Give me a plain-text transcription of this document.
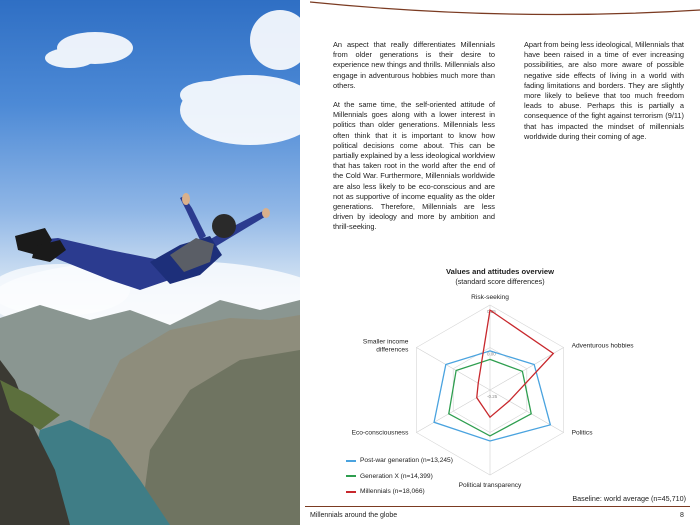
An aspect that really differentiates Millennials from older generations is their desire to experience new things and thrills. Millennials also engage in adventurous hobbies much more than others.

At the same time, the self-oriented attitude of Millennials goes along with a lower interest in politics than older generations. Millennials less often think that it is important to know how political decisions come about. This can be partially explained by a less ideological worldview that has taken root in the world after the end of the Cold War. Furthermore, Millennials worldwide are also less likely to be eco-conscious and are not as supportive of income equality as the older generations. Therefore, Millennials are less driven by ideology and more by ambition and thrill-seeking.

Apart from being less ideological, Millennials that have been raised in a time of ever increasing possibilities, are also more aware of possible negative side effects of living in a world with fading limitations and borders. They are slightly more likely to believe that too much freedom leads to abuse. Perhaps this is partially a consequence of the fight against terrorism (9/11) that has impacted the mindset of millennials worldwide during their coming of age.

Values and attitudes overview
(standard score differences)
0.25
0.00
-0.25
Risk-seeking
Adventurous hobbies
Politics
Political transparency
Eco-consciousness
Smaller income differences
Post-war generation (n=13,245)
Generation X (n=14,399)
Millennials (n=18,066)
Baseline: world average (n=45,710)
Millennials around the globe	8
